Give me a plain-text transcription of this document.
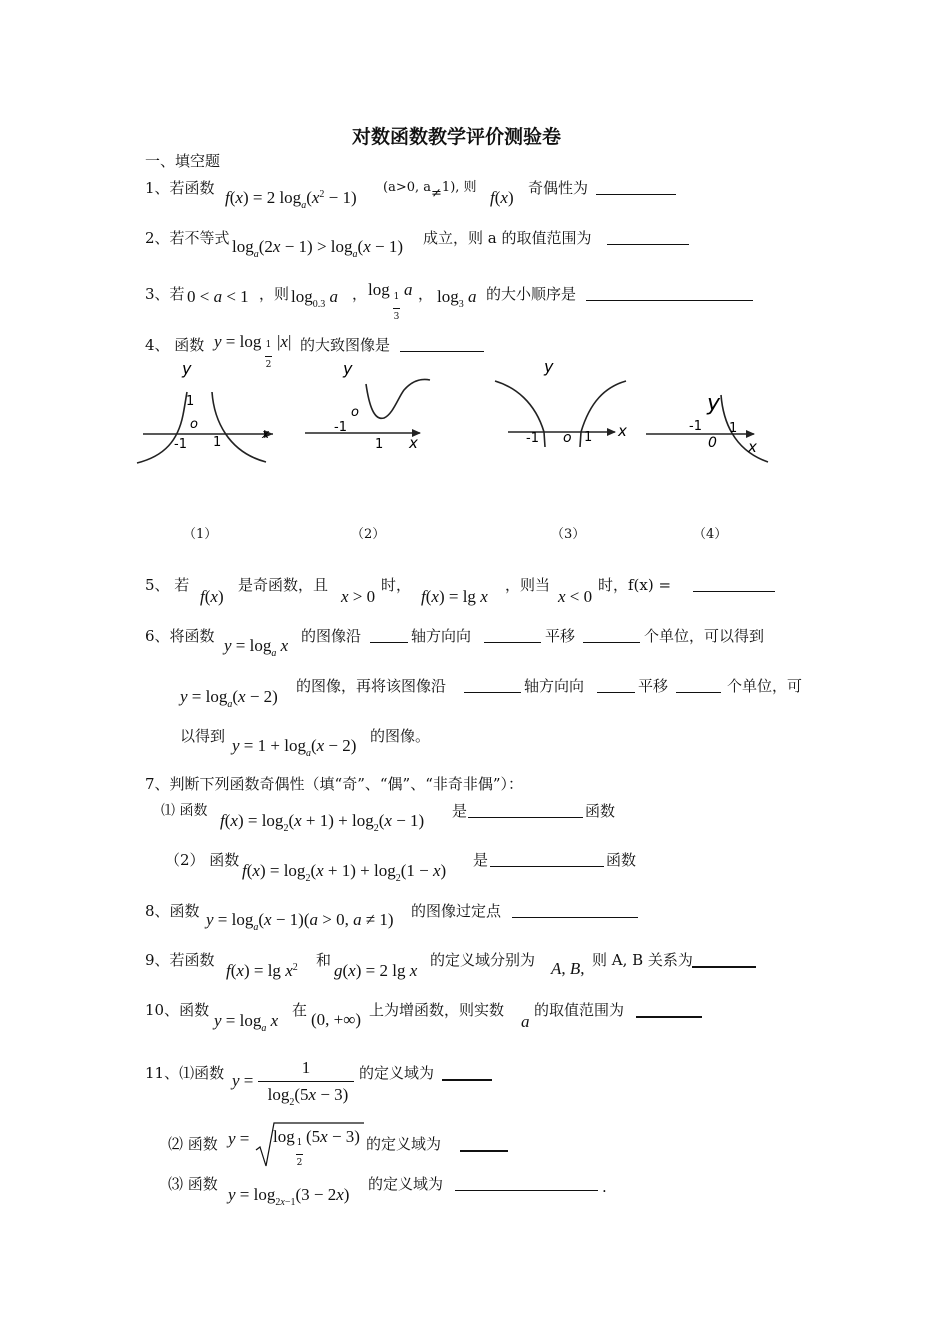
对数函数教学评价测验卷
一、填空题
1、若函数 f(x) = 2 $\log_a(x^2 - 1)$
(a>0, a≠1), 则
f(x) 奇偶性为
2、若不等式 $\log_a(2x - 1) > \log_a(x - 1)$ 成立，则 a 的取值范围为
3、若 0 < a < 1 ，则 $\log_{0.3} a$ ， log 1

3
a ， $\log_3 a$ 的大小顺序是
4、 函数 y = log 1

2
|x| 的大致图像是
y
1
o
-1 1
x
y
o
-1
1 x
y
-1 o 1 x
y
-1 1
0 x
（1）	（2）	（3）	（4）
5、 若
f(x)
是奇函数，且
x > 0
时，
f(x) = lg x
，则当
x < 0
时，f(x) =
6、将函数 $y = \log_a x$ 的图像沿	轴方向向	平移	个单位，可以得到
$y = \log_a(x - 2)$
的图像，再将该图像沿	轴方向向	平移	个单位，可
以得到 $y = 1 + \log_a(x - 2)$ 的图像。
7、判断下列函数奇偶性（填“奇”、“偶”、“非奇非偶”）：
⑴ 函数 $f(x) = \log_2(x + 1) + \log_2(x - 1)$ 是	函数
（2） 函数
$f(x) = \log_2(x + 1) + \log_2(1 - x)$
是	函数
8、函数 $y = \log_a(x - 1)(a > 0$, a ≠ 1) 的图像过定点
9、若函数
$f(x) = \lg x^2$ 和
g(x) = 2 lg x
的定义域分别为 A, B, 则 A, B 关系为
10、函数
$y = \log_a x$
在 (0, +∞) 上为增函数，则实数
a
的取值范围为
11、⑴函数 $y = \frac{1}{\log_2(5x - 3)}$ 的定义域为
⑵ 函数 y = log 1

2
(5x − 3) 的定义域为
⑶ 函数
$y = \log_{2x-1}(3 - 2x)$
的定义域为	.
